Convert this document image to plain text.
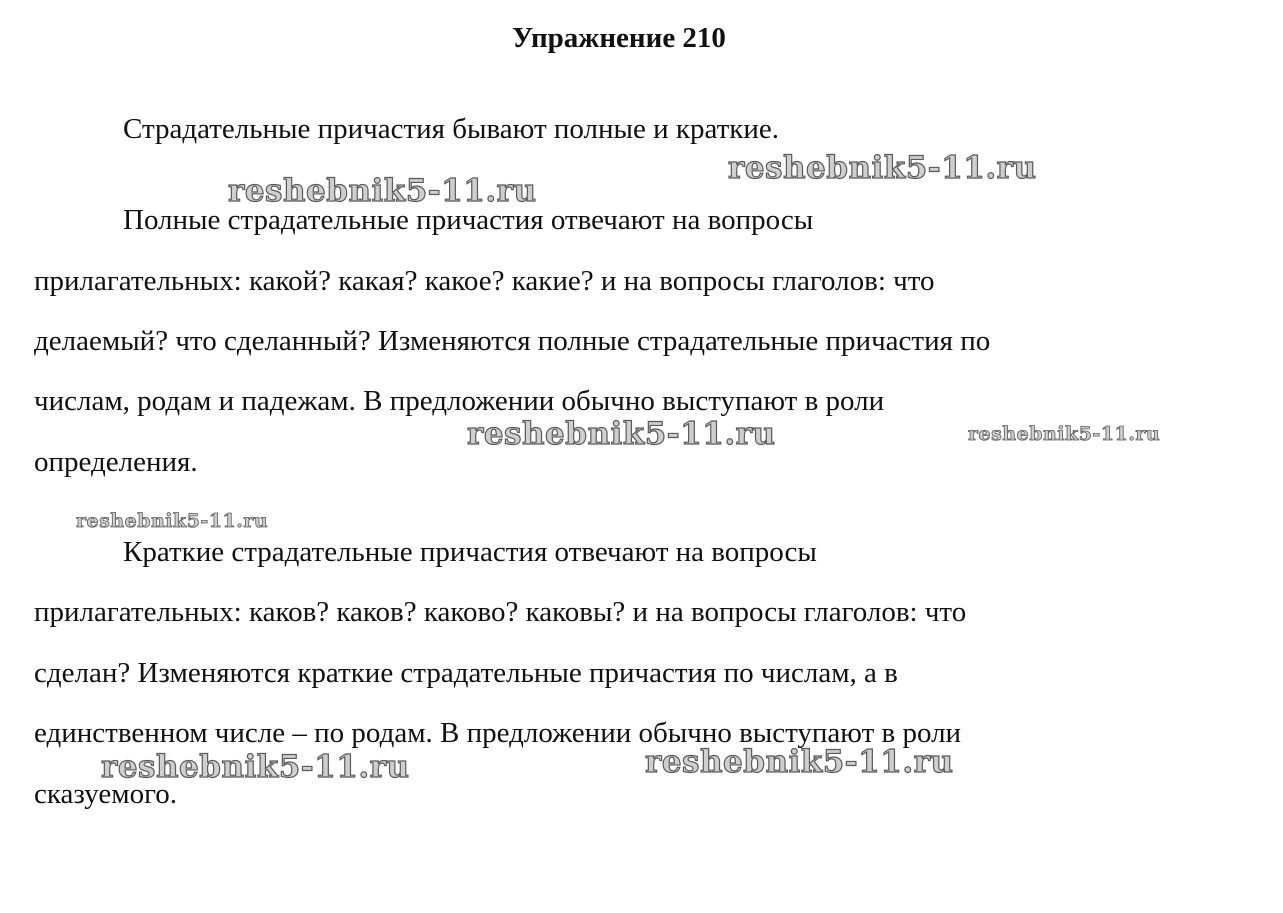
Упражнение 210
Страдательные причастия бывают полные и краткие.
Полные страдательные причастия отвечают на вопросы
прилагательных: какой? какая? какое? какие? и на вопросы глаголов: что
делаемый? что сделанный? Изменяются полные страдательные причастия по
числам, родам и падежам. В предложении обычно выступают в роли
определения.
Краткие страдательные причастия отвечают на вопросы
прилагательных: каков? каков? каково? каковы? и на вопросы глаголов: что
сделан? Изменяются краткие страдательные причастия по числам, а в
единственном числе – по родам. В предложении обычно выступают в роли
сказуемого.
reshebnik5-11.ru
reshebnik5-11.ru
reshebnik5-11.ru	reshebnik5-11.ru
reshebnik5-11.ru
reshebnik5-11.ru	reshebnik5-11.ru
